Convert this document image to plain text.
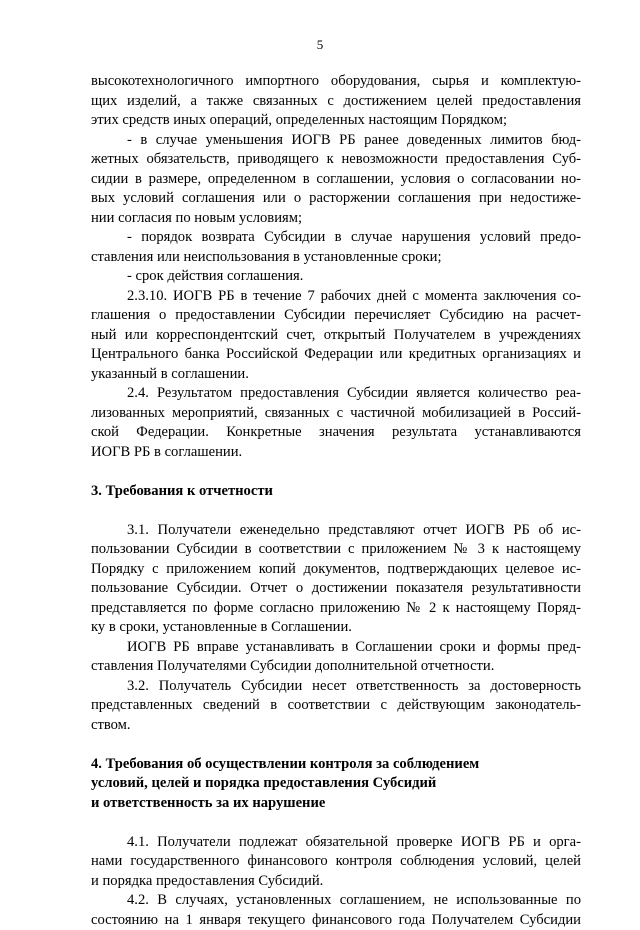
5
высокотехнологичного импортного оборудования, сырья и комплектую-
щих изделий, а также связанных с достижением целей предоставления
этих средств иных операций, определенных настоящим Порядком;
- в случае уменьшения ИОГВ РБ ранее доведенных лимитов бюд-
жетных обязательств, приводящего к невозможности предоставления Суб-
сидии в размере, определенном в соглашении, условия о согласовании но-
вых условий соглашения или о расторжении соглашения при недостиже-
нии согласия по новым условиям;
- порядок возврата Субсидии в случае нарушения условий предо-
ставления или неиспользования в установленные сроки;
- срок действия соглашения.
2.3.10. ИОГВ РБ в течение 7 рабочих дней с момента заключения со-
глашения о предоставлении Субсидии перечисляет Субсидию на расчет-
ный или корреспондентский счет, открытый Получателем в учреждениях
Центрального банка Российской Федерации или кредитных организациях и
указанный в соглашении.
2.4. Результатом предоставления Субсидии является количество реа-
лизованных мероприятий, связанных с частичной мобилизацией в Россий-
ской Федерации. Конкретные значения результата устанавливаются
ИОГВ РБ в соглашении.
3. Требования к отчетности
3.1. Получатели еженедельно представляют отчет ИОГВ РБ об ис-
пользовании Субсидии в соответствии с приложением № 3 к настоящему
Порядку с приложением копий документов, подтверждающих целевое ис-
пользование Субсидии. Отчет о достижении показателя результативности
представляется по форме согласно приложению № 2 к настоящему Поряд-
ку в сроки, установленные в Соглашении.
ИОГВ РБ вправе устанавливать в Соглашении сроки и формы пред-
ставления Получателями Субсидии дополнительной отчетности.
3.2. Получатель Субсидии несет ответственность за достоверность
представленных сведений в соответствии с действующим законодатель-
ством.
4. Требования об осуществлении контроля за соблюдением
условий, целей и порядка предоставления Субсидий
и ответственность за их нарушение
4.1. Получатели подлежат обязательной проверке ИОГВ РБ и орга-
нами государственного финансового контроля соблюдения условий, целей
и порядка предоставления Субсидий.
4.2. В случаях, установленных соглашением, не использованные по
состоянию на 1 января текущего финансового года Получателем Субсидии
